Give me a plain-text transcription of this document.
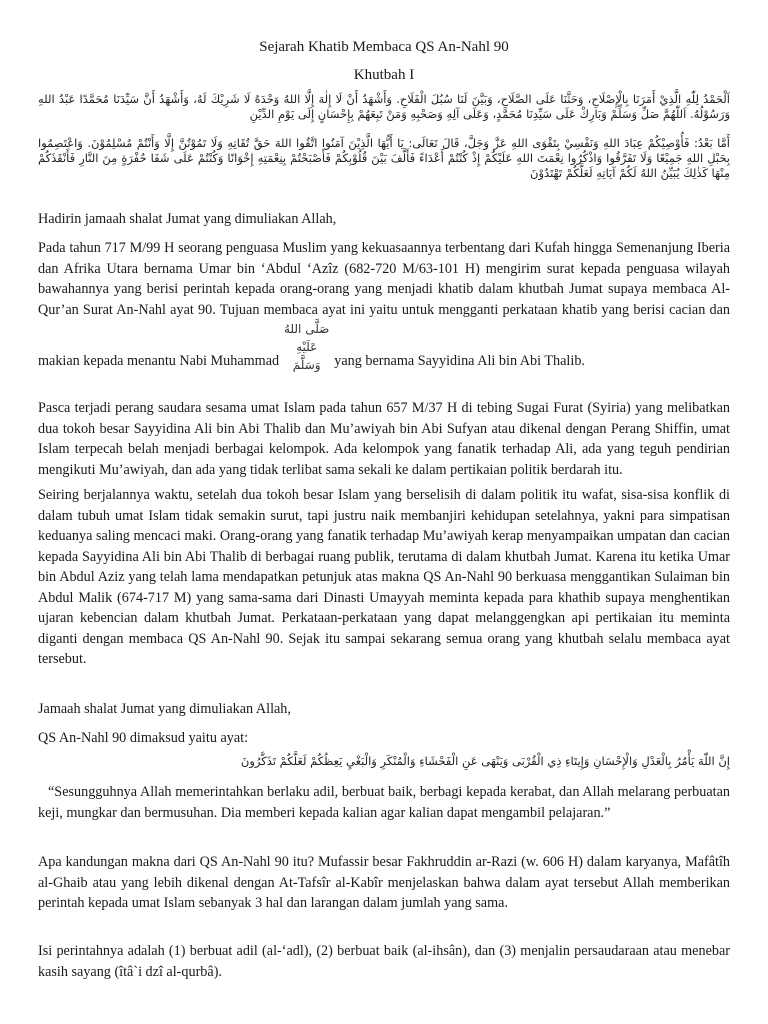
Sejarah Khatib Membaca QS An-Nahl 90
Khutbah I
اَلْحَمْدُ لِلّٰهِ الَّذِيْ أَمَرَنَا بِالْإِصْلَاحِ، وَحَثَّنَا عَلَى الصَّلَاحِ، وَبَيَّنَ لَنَا سُبُلَ الْفَلَاحِ. وَأَشْهَدُ أَنْ لَا إِلٰهَ إِلَّا اللهُ وَحْدَهُ لَا شَرِيْكَ لَهُ، وَأَشْهَدُ أَنَّ سَيِّدَنَا مُحَمَّدًا عَبْدُ اللهِ وَرَسُوْلُهُ. اَللّٰهُمَّ صَلِّ وَسَلِّمْ وَبَارِكْ عَلَى سَيِّدِنَا مُحَمَّدٍ، وَعَلَى آلِهِ وَصَحْبِهِ وَمَنْ تَبِعَهُمْ بِإِحْسَانٍ إِلَى يَوْمِ الدِّيْنِ
أَمَّا بَعْدُ: فَأُوْصِيْكُمْ عِبَادَ اللهِ وَنَفْسِيْ بِتَقْوَى اللهِ عَزَّ وَجَلَّ، قَالَ تَعَالَى: يَا أَيُّهَا الَّذِيْنَ آمَنُوا اتَّقُوا اللهَ حَقَّ تُقَاتِهِ وَلَا تَمُوْتُنَّ إِلَّا وَأَنْتُمْ مُسْلِمُوْنَ. وَاعْتَصِمُوا بِحَبْلِ اللهِ جَمِيْعًا وَلَا تَفَرَّقُوا وَاذْكُرُوا نِعْمَتَ اللهِ عَلَيْكُمْ إِذْ كُنْتُمْ أَعْدَاءً فَأَلَّفَ بَيْنَ قُلُوْبِكُمْ فَأَصْبَحْتُمْ بِنِعْمَتِهِ إِخْوَانًا وَكُنْتُمْ عَلَى شَفَا حُفْرَةٍ مِنَ النَّارِ فَأَنْقَذَكُمْ مِنْهَا كَذٰلِكَ يُبَيِّنُ اللهُ لَكُمْ آيَاتِهِ لَعَلَّكُمْ تَهْتَدُوْنَ
Hadirin jamaah shalat Jumat yang dimuliakan Allah,
Pada tahun 717 M/99 H seorang penguasa Muslim yang kekuasaannya terbentang dari Kufah hingga Semenanjung Iberia dan Afrika Utara bernama Umar bin ‘Abdul ‘Azîz (682-720 M/63-101 H) mengirim surat kepada penguasa wilayah bawahannya yang berisi perintah kepada orang-orang yang menjadi khatib dalam khutbah Jumat supaya membaca Al-Qur’an Surat An-Nahl ayat 90. Tujuan membaca ayat ini yaitu untuk mengganti perkataan khatib yang berisi cacian dan makian kepada menantu Nabi Muhammad صَلَّى اللهُ عَلَيْهِ وَسَلَّمَ yang bernama Sayyidina Ali bin Abi Thalib.
Pasca terjadi perang saudara sesama umat Islam pada tahun 657 M/37 H di tebing Sugai Furat (Syiria) yang melibatkan dua tokoh besar Sayyidina Ali bin Abi Thalib dan Mu’awiyah bin Abi Sufyan atau dikenal dengan Perang Shiffin, umat Islam terpecah belah menjadi berbagai kelompok. Ada kelompok yang fanatik terhadap Ali, ada yang teguh pendirian mengikuti Mu’awiyah, dan ada yang tidak terlibat sama sekali ke dalam pertikaian politik berdarah itu.
Seiring berjalannya waktu, setelah dua tokoh besar Islam yang berselisih di dalam politik itu wafat, sisa-sisa konflik di dalam tubuh umat Islam tidak semakin surut, tapi justru naik membanjiri kehidupan setelahnya, yakni para simpatisan keduanya saling mencaci maki. Orang-orang yang fanatik terhadap Mu’awiyah kerap menyampaikan umpatan dan cacian kepada Sayyidina Ali bin Abi Thalib di berbagai ruang publik, terutama di dalam khutbah Jumat. Karena itu ketika Umar bin Abdul Aziz yang telah lama mendapatkan petunjuk atas makna QS An-Nahl 90 berkuasa menggantikan Sulaiman bin Abdul Malik (674-717 M) yang sama-sama dari Dinasti Umayyah meminta kepada para khathib supaya menghentikan ujaran kebencian dalam khutbah Jumat. Perkataan-perkataan yang dapat melanggengkan api pertikaian itu meminta diganti dengan membaca QS An-Nahl 90. Sejak itu sampai sekarang semua orang yang khutbah selalu membaca ayat tersebut.
Jamaah shalat Jumat yang dimuliakan Allah,
QS An-Nahl 90 dimaksud yaitu ayat:
إِنَّ اللّٰهَ يَأْمُرُ بِالْعَدْلِ وَالْإِحْسَانِ وَإِيتَاءِ ذِي الْقُرْبَى وَيَنْهَى عَنِ الْفَحْشَاءِ وَالْمُنْكَرِ وَالْبَغْيِ يَعِظُكُمْ لَعَلَّكُمْ تَذَكَّرُونَ
“Sesungguhnya Allah memerintahkan berlaku adil, berbuat baik, berbagi kepada kerabat, dan Allah melarang perbuatan keji, mungkar dan bermusuhan. Dia memberi kepada kalian agar kalian dapat mengambil pelajaran.”
Apa kandungan makna dari QS An-Nahl 90 itu? Mufassir besar Fakhruddin ar-Razi (w. 606 H) dalam karyanya, Mafâtîh al-Ghaib atau yang lebih dikenal dengan At-Tafsîr al-Kabîr menjelaskan bahwa dalam ayat tersebut Allah memberikan perintah kepada umat Islam sebanyak 3 hal dan larangan dalam jumlah yang sama.
Isi perintahnya adalah (1) berbuat adil (al-‘adl), (2) berbuat baik (al-ihsân), dan (3) menjalin persaudaraan atau menebar kasih sayang (îtâ`i dzî al-qurbâ).
